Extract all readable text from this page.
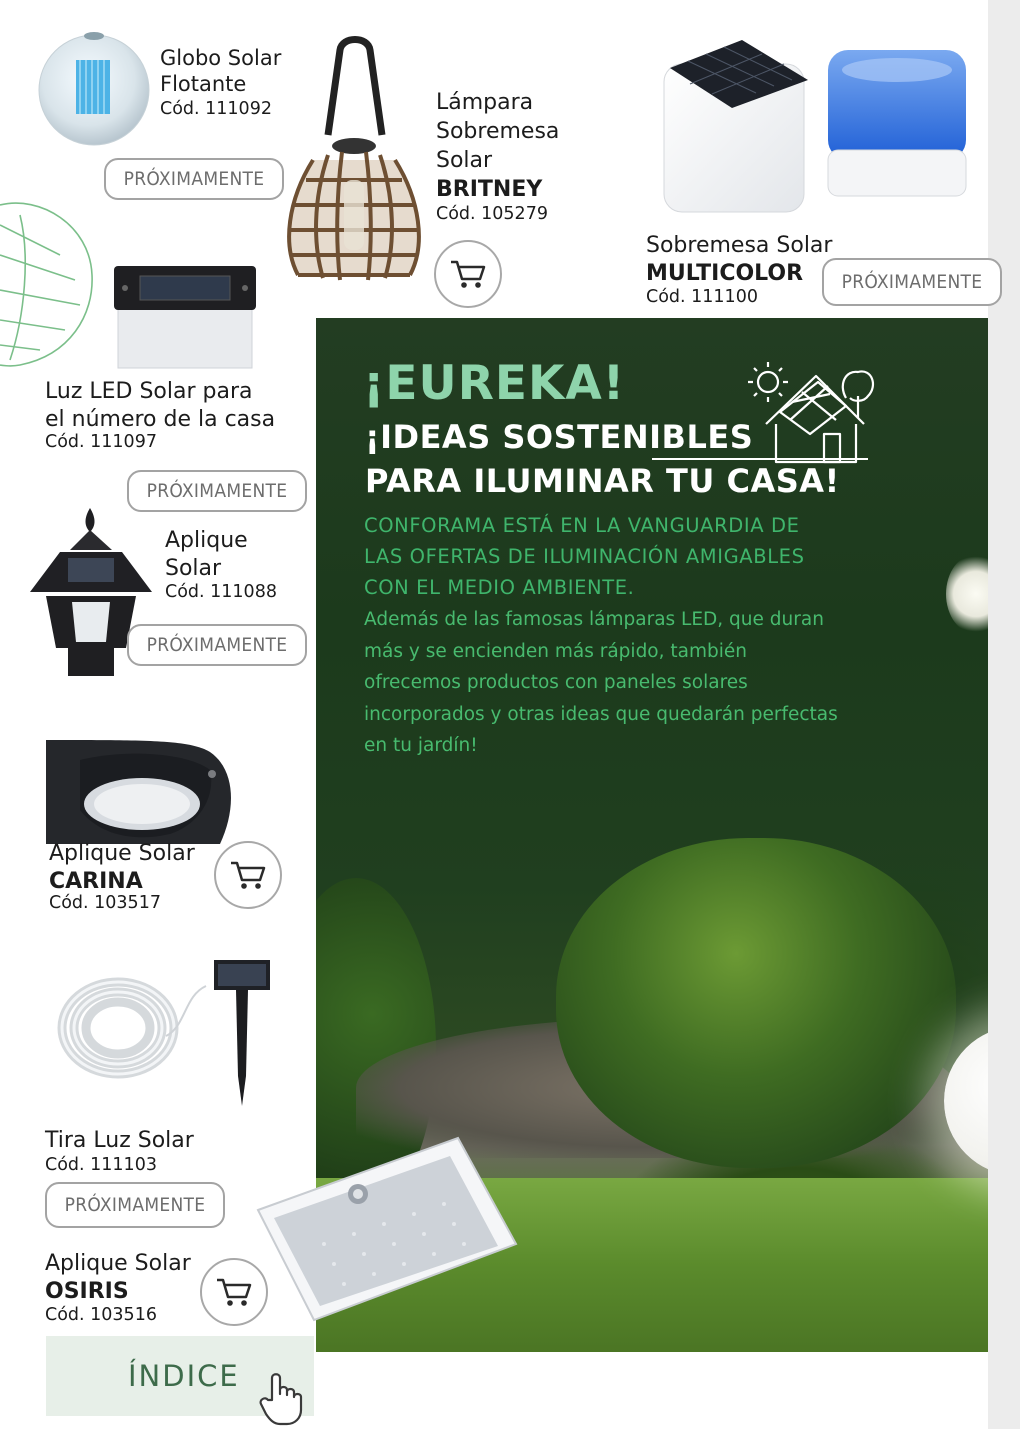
Globo Solar
Flotante
Cód. 111092
PRÓXIMAMENTE
Lámpara
Sobremesa
Solar
BRITNEY
Cód. 105279
Sobremesa Solar
MULTICOLOR
Cód. 111100
PRÓXIMAMENTE
¡EUREKA!
¡IDEAS SOSTENIBLES
PARA ILUMINAR TU CASA!

CONFORAMA ESTÁ EN LA VANGUARDIA DE LAS OFERTAS DE ILUMINACIÓN AMIGABLES CON EL MEDIO AMBIENTE.

Además de las famosas lámparas LED, que duran más y se encienden más rápido, también ofrecemos productos con paneles solares incorporados y otras ideas que quedarán perfectas en tu jardín!

Luz LED Solar para
el número de la casa
Cód. 111097
PRÓXIMAMENTE
Aplique
Solar
Cód. 111088
PRÓXIMAMENTE
Aplique Solar
CARINA
Cód. 103517
Tira Luz Solar
Cód. 111103
PRÓXIMAMENTE
Aplique Solar
OSIRIS
Cód. 103516
ÍNDICE
